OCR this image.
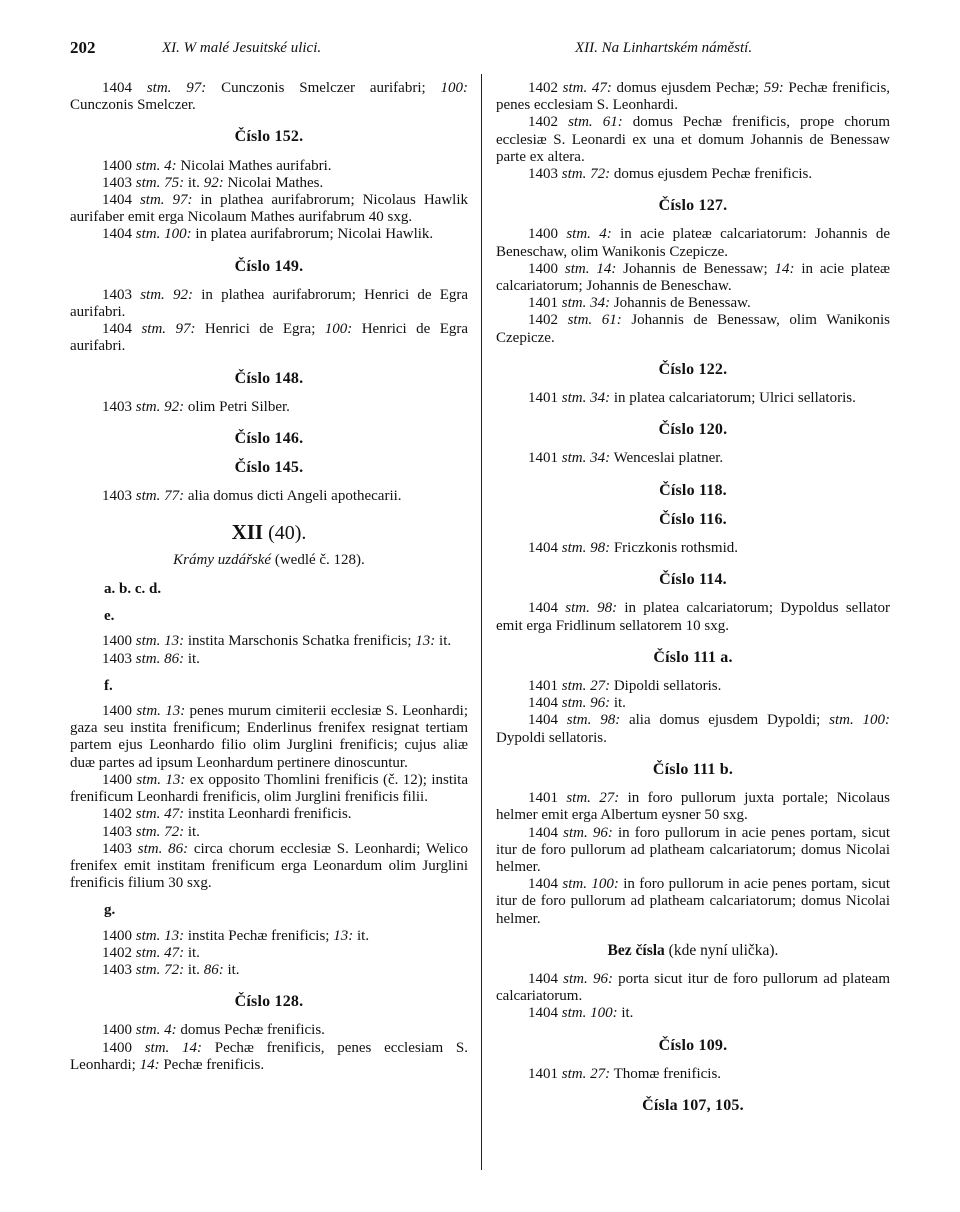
202	XI. W malé Jesuitské ulici.	XII. Na Linhartském náměstí.

1404 stm. 97: Cunczonis Smelczer aurifabri; 100: Cunczonis Smelczer.

Číslo 152.

1400 stm. 4: Nicolai Mathes aurifabri.

1403 stm. 75: it. 92: Nicolai Mathes.

1404 stm. 97: in plathea aurifabrorum; Nicolaus Hawlik aurifaber emit erga Nicolaum Mathes aurifabrum 40 sxg.

1404 stm. 100: in platea aurifabrorum; Nicolai Hawlik.

Číslo 149.

1403 stm. 92: in plathea aurifabrorum; Henrici de Egra aurifabri.

1404 stm. 97: Henrici de Egra; 100: Henrici de Egra aurifabri.

Číslo 148.

1403 stm. 92: olim Petri Silber.

Číslo 146.
Číslo 145.

1403 stm. 77: alia domus dicti Angeli apothecarii.

XII (40).
Krámy uzdářské (wedlé č. 128).
a. b. c. d.
e.

1400 stm. 13: instita Marschonis Schatka frenificis; 13: it.

1403 stm. 86: it.

f.

1400 stm. 13: penes murum cimiterii ecclesiæ S. Leonhardi; gaza seu instita frenificum; Enderlinus frenifex resignat tertiam partem ejus Leonhardo filio olim Jurglini frenificis; cujus aliæ duæ partes ad ipsum Leonhardum pertinere dinoscuntur.

1400 stm. 13: ex opposito Thomlini frenificis (č. 12); instita frenificum Leonhardi frenificis, olim Jurglini frenificis filii.

1402 stm. 47: instita Leonhardi frenificis.

1403 stm. 72: it.

1403 stm. 86: circa chorum ecclesiæ S. Leonhardi; Welico frenifex emit institam frenificum erga Leonardum olim Jurglini frenificis filium 30 sxg.

g.

1400 stm. 13: instita Pechæ frenificis; 13: it.

1402 stm. 47: it.

1403 stm. 72: it. 86: it.

Číslo 128.

1400 stm. 4: domus Pechæ frenificis.

1400 stm. 14: Pechæ frenificis, penes ecclesiam S. Leonhardi; 14: Pechæ frenificis.

1402 stm. 47: domus ejusdem Pechæ; 59: Pechæ frenificis, penes ecclesiam S. Leonhardi.

1402 stm. 61: domus Pechæ frenificis, prope chorum ecclesiæ S. Leonardi ex una et domum Johannis de Benessaw parte ex altera.

1403 stm. 72: domus ejusdem Pechæ frenificis.

Číslo 127.

1400 stm. 4: in acie plateæ calcariatorum: Johannis de Beneschaw, olim Wanikonis Czepicze.

1400 stm. 14: Johannis de Benessaw; 14: in acie plateæ calcariatorum; Johannis de Beneschaw.

1401 stm. 34: Johannis de Benessaw.

1402 stm. 61: Johannis de Benessaw, olim Wanikonis Czepicze.

Číslo 122.

1401 stm. 34: in platea calcariatorum; Ulrici sellatoris.

Číslo 120.

1401 stm. 34: Wenceslai platner.

Číslo 118.
Číslo 116.

1404 stm. 98: Friczkonis rothsmid.

Číslo 114.

1404 stm. 98: in platea calcariatorum; Dypoldus sellator emit erga Fridlinum sellatorem 10 sxg.

Číslo 111 a.

1401 stm. 27: Dipoldi sellatoris.

1404 stm. 96: it.

1404 stm. 98: alia domus ejusdem Dypoldi; stm. 100: Dypoldi sellatoris.

Číslo 111 b.

1401 stm. 27: in foro pullorum juxta portale; Nicolaus helmer emit erga Albertum eysner 50 sxg.

1404 stm. 96: in foro pullorum in acie penes portam, sicut itur de foro pullorum ad platheam calcariatorum; domus Nicolai helmer.

1404 stm. 100: in foro pullorum in acie penes portam, sicut itur de foro pullorum ad platheam calcariatorum; domus Nicolai helmer.

Bez čísla (kde nyní ulička).

1404 stm. 96: porta sicut itur de foro pullorum ad plateam calcariatorum.

1404 stm. 100: it.

Číslo 109.

1401 stm. 27: Thomæ frenificis.

Čísla 107, 105.
